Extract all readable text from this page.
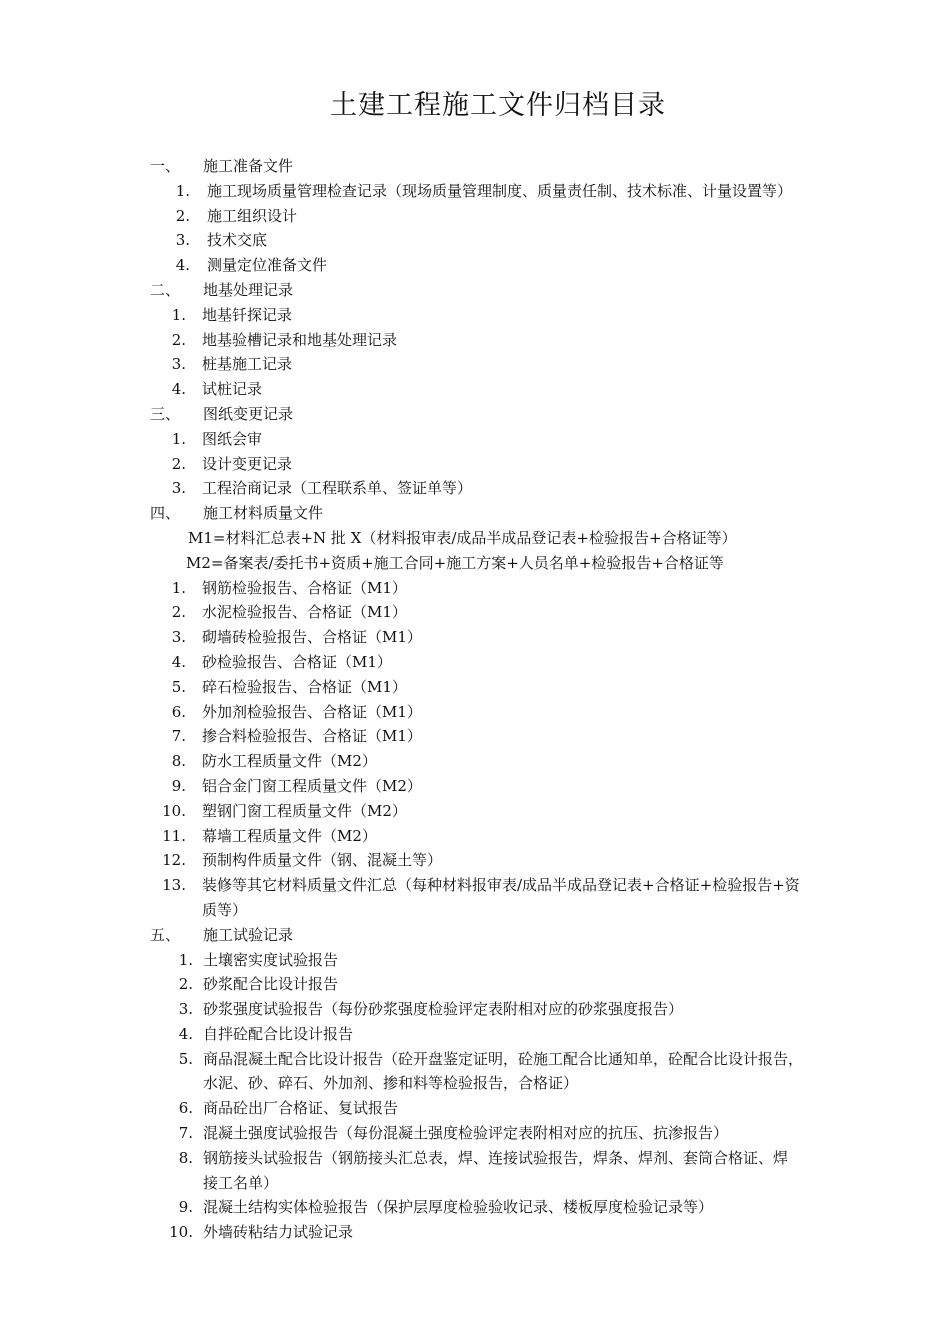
土建工程施工文件归档目录
一、 施工准备文件
1. 施工现场质量管理检查记录（现场质量管理制度、质量责任制、技术标准、计量设置等）
2. 施工组织设计
3. 技术交底
4. 测量定位准备文件
二、 地基处理记录
1. 地基钎探记录
2. 地基验槽记录和地基处理记录
3. 桩基施工记录
4. 试桩记录
三、 图纸变更记录
1. 图纸会审
2. 设计变更记录
3. 工程洽商记录（工程联系单、签证单等）
四、 施工材料质量文件
M1=材料汇总表+N 批 X（材料报审表/成品半成品登记表+检验报告+合格证等）
M2=备案表/委托书+资质+施工合同+施工方案+人员名单+检验报告+合格证等
1. 钢筋检验报告、合格证（M1）
2. 水泥检验报告、合格证（M1）
3. 砌墙砖检验报告、合格证（M1）
4. 砂检验报告、合格证（M1）
5. 碎石检验报告、合格证（M1）
6. 外加剂检验报告、合格证（M1）
7. 掺合料检验报告、合格证（M1）
8. 防水工程质量文件（M2）
9. 铝合金门窗工程质量文件（M2）
10. 塑钢门窗工程质量文件（M2）
11. 幕墙工程质量文件（M2）
12. 预制构件质量文件（钢、混凝土等）
13. 装修等其它材料质量文件汇总（每种材料报审表/成品半成品登记表+合格证+检验报告+资
质等）
五、 施工试验记录
1. 土壤密实度试验报告
2. 砂浆配合比设计报告
3. 砂浆强度试验报告（每份砂浆强度检验评定表附相对应的砂浆强度报告）
4. 自拌砼配合比设计报告
5. 商品混凝土配合比设计报告（砼开盘鉴定证明，砼施工配合比通知单，砼配合比设计报告，
水泥、砂、碎石、外加剂、掺和料等检验报告，合格证）
6. 商品砼出厂合格证、复试报告
7. 混凝土强度试验报告（每份混凝土强度检验评定表附相对应的抗压、抗渗报告）
8. 钢筋接头试验报告（钢筋接头汇总表，焊、连接试验报告，焊条、焊剂、套筒合格证、焊
接工名单）
9. 混凝土结构实体检验报告（保护层厚度检验验收记录、楼板厚度检验记录等）
10. 外墙砖粘结力试验记录
